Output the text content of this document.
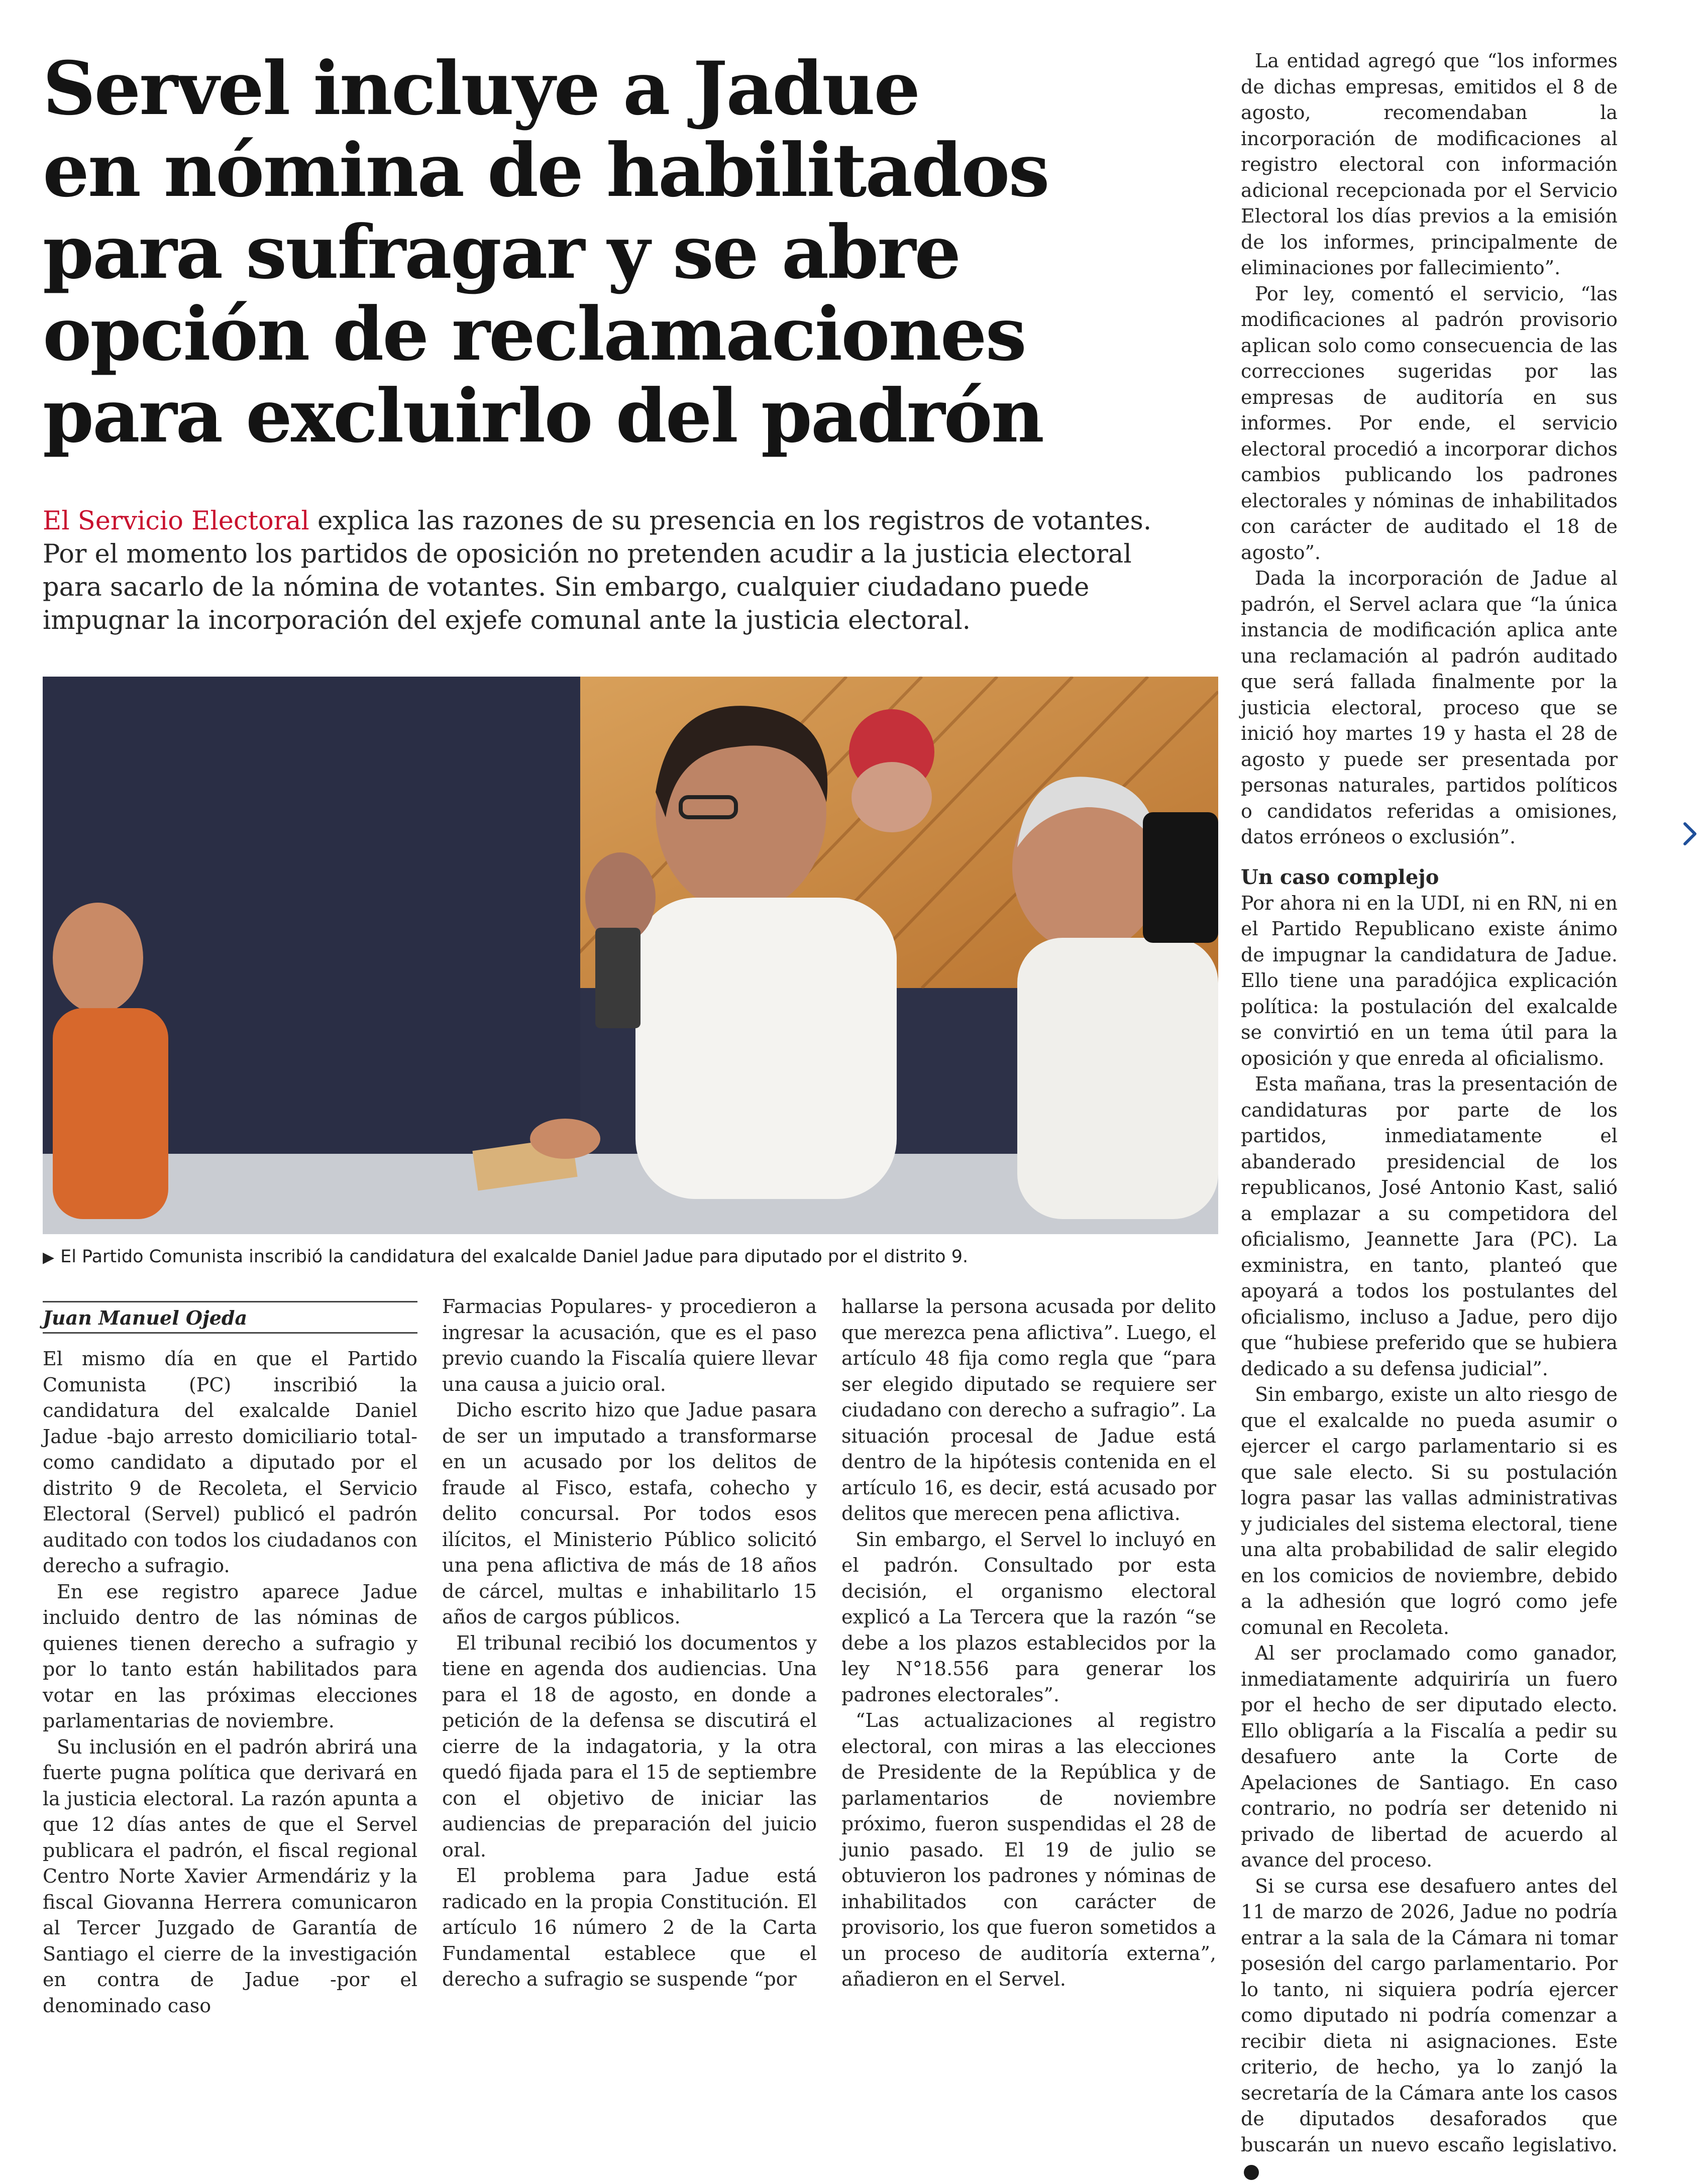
Servel incluye a Jadue
en nómina de habilitados
para sufragar y se abre
opción de reclamaciones
para excluirlo del padrón

El Servicio Electoral explica las razones de su presencia en los registros de votantes.
Por el momento los partidos de oposición no pretenden acudir a la justicia electoral
para sacarlo de la nómina de votantes. Sin embargo, cualquier ciudadano puede
impugnar la incorporación del exjefe comunal ante la justicia electoral.

▶ El Partido Comunista inscribió la candidatura del exalcalde Daniel Jadue para diputado por el distrito 9.
Juan Manuel Ojeda

El mismo día en que el Partido Comunista (PC) inscribió la candidatura del exalcalde Daniel Jadue -bajo arresto domiciliario total- como candidato a diputado por el distrito 9 de Recoleta, el Servicio Electoral (Servel) publicó el padrón auditado con todos los ciudadanos con derecho a sufragio.

En ese registro aparece Jadue incluido dentro de las nóminas de quienes tienen derecho a sufragio y por lo tanto están habilitados para votar en las próximas elecciones parlamentarias de noviembre.

Su inclusión en el padrón abrirá una fuerte pugna política que derivará en la justicia electoral. La razón apunta a que 12 días antes de que el Servel publicara el padrón, el fiscal regional Centro Norte Xavier Armendáriz y la fiscal Giovanna Herrera comunicaron al Tercer Juzgado de Garantía de Santiago el cierre de la investigación en contra de Jadue -por el denominado caso

Farmacias Populares- y procedieron a ingresar la acusación, que es el paso previo cuando la Fiscalía quiere llevar una causa a juicio oral.

Dicho escrito hizo que Jadue pasara de ser un imputado a transformarse en un acusado por los delitos de fraude al Fisco, estafa, cohecho y delito concursal. Por todos esos ilícitos, el Ministerio Público solicitó una pena aflictiva de más de 18 años de cárcel, multas e inhabilitarlo 15 años de cargos públicos.

El tribunal recibió los documentos y tiene en agenda dos audiencias. Una para el 18 de agosto, en donde a petición de la defensa se discutirá el cierre de la indagatoria, y la otra quedó fijada para el 15 de septiembre con el objetivo de iniciar las audiencias de preparación del juicio oral.

El problema para Jadue está radicado en la propia Constitución. El artículo 16 número 2 de la Carta Fundamental establece que el derecho a sufragio se suspende “por

hallarse la persona acusada por delito que merezca pena aflictiva”. Luego, el artículo 48 fija como regla que “para ser elegido diputado se requiere ser ciudadano con derecho a sufragio”. La situación procesal de Jadue está dentro de la hipótesis contenida en el artículo 16, es decir, está acusado por delitos que merecen pena aflictiva.

Sin embargo, el Servel lo incluyó en el padrón. Consultado por esta decisión, el organismo electoral explicó a La Tercera que la razón “se debe a los plazos establecidos por la ley N°18.556 para generar los padrones electorales”.

“Las actualizaciones al registro electoral, con miras a las elecciones de Presidente de la República y de parlamentarios de noviembre próximo, fueron suspendidas el 28 de junio pasado. El 19 de julio se obtuvieron los padrones y nóminas de inhabilitados con carácter de provisorio, los que fueron sometidos a un proceso de auditoría externa”, añadieron en el Servel.

La entidad agregó que “los informes de dichas empresas, emitidos el 8 de agosto, recomendaban la incorporación de modificaciones al registro electoral con información adicional recepcionada por el Servicio Electoral los días previos a la emisión de los informes, principalmente de eliminaciones por fallecimiento”.

Por ley, comentó el servicio, “las modificaciones al padrón provisorio aplican solo como consecuencia de las correcciones sugeridas por las empresas de auditoría en sus informes. Por ende, el servicio electoral procedió a incorporar dichos cambios publicando los padrones electorales y nóminas de inhabilitados con carácter de auditado el 18 de agosto”.

Dada la incorporación de Jadue al padrón, el Servel aclara que “la única instancia de modificación aplica ante una reclamación al padrón auditado que será fallada finalmente por la justicia electoral, proceso que se inició hoy martes 19 y hasta el 28 de agosto y puede ser presentada por personas naturales, partidos políticos o candidatos referidas a omisiones, datos erróneos o exclusión”.

Un caso complejo

Por ahora ni en la UDI, ni en RN, ni en el Partido Republicano existe ánimo de impugnar la candidatura de Jadue. Ello tiene una paradójica explicación política: la postulación del exalcalde se convirtió en un tema útil para la oposición y que enreda al oficialismo.

Esta mañana, tras la presentación de candidaturas por parte de los partidos, inmediatamente el abanderado presidencial de los republicanos, José Antonio Kast, salió a emplazar a su competidora del oficialismo, Jeannette Jara (PC). La exministra, en tanto, planteó que apoyará a todos los postulantes del oficialismo, incluso a Jadue, pero dijo que “hubiese preferido que se hubiera dedicado a su defensa judicial”.

Sin embargo, existe un alto riesgo de que el exalcalde no pueda asumir o ejercer el cargo parlamentario si es que sale electo. Si su postulación logra pasar las vallas administrativas y judiciales del sistema electoral, tiene una alta probabilidad de salir elegido en los comicios de noviembre, debido a la adhesión que logró como jefe comunal en Recoleta.

Al ser proclamado como ganador, inmediatamente adquiriría un fuero por el hecho de ser diputado electo. Ello obligaría a la Fiscalía a pedir su desafuero ante la Corte de Apelaciones de Santiago. En caso contrario, no podría ser detenido ni privado de libertad de acuerdo al avance del proceso.

Si se cursa ese desafuero antes del 11 de marzo de 2026, Jadue no podría entrar a la sala de la Cámara ni tomar posesión del cargo parlamentario. Por lo tanto, ni siquiera podría ejercer como diputado ni podría comenzar a recibir dieta ni asignaciones. Este criterio, de hecho, ya lo zanjó la secretaría de la Cámara ante los casos de diputados desaforados que buscarán un nuevo escaño legislativo.
